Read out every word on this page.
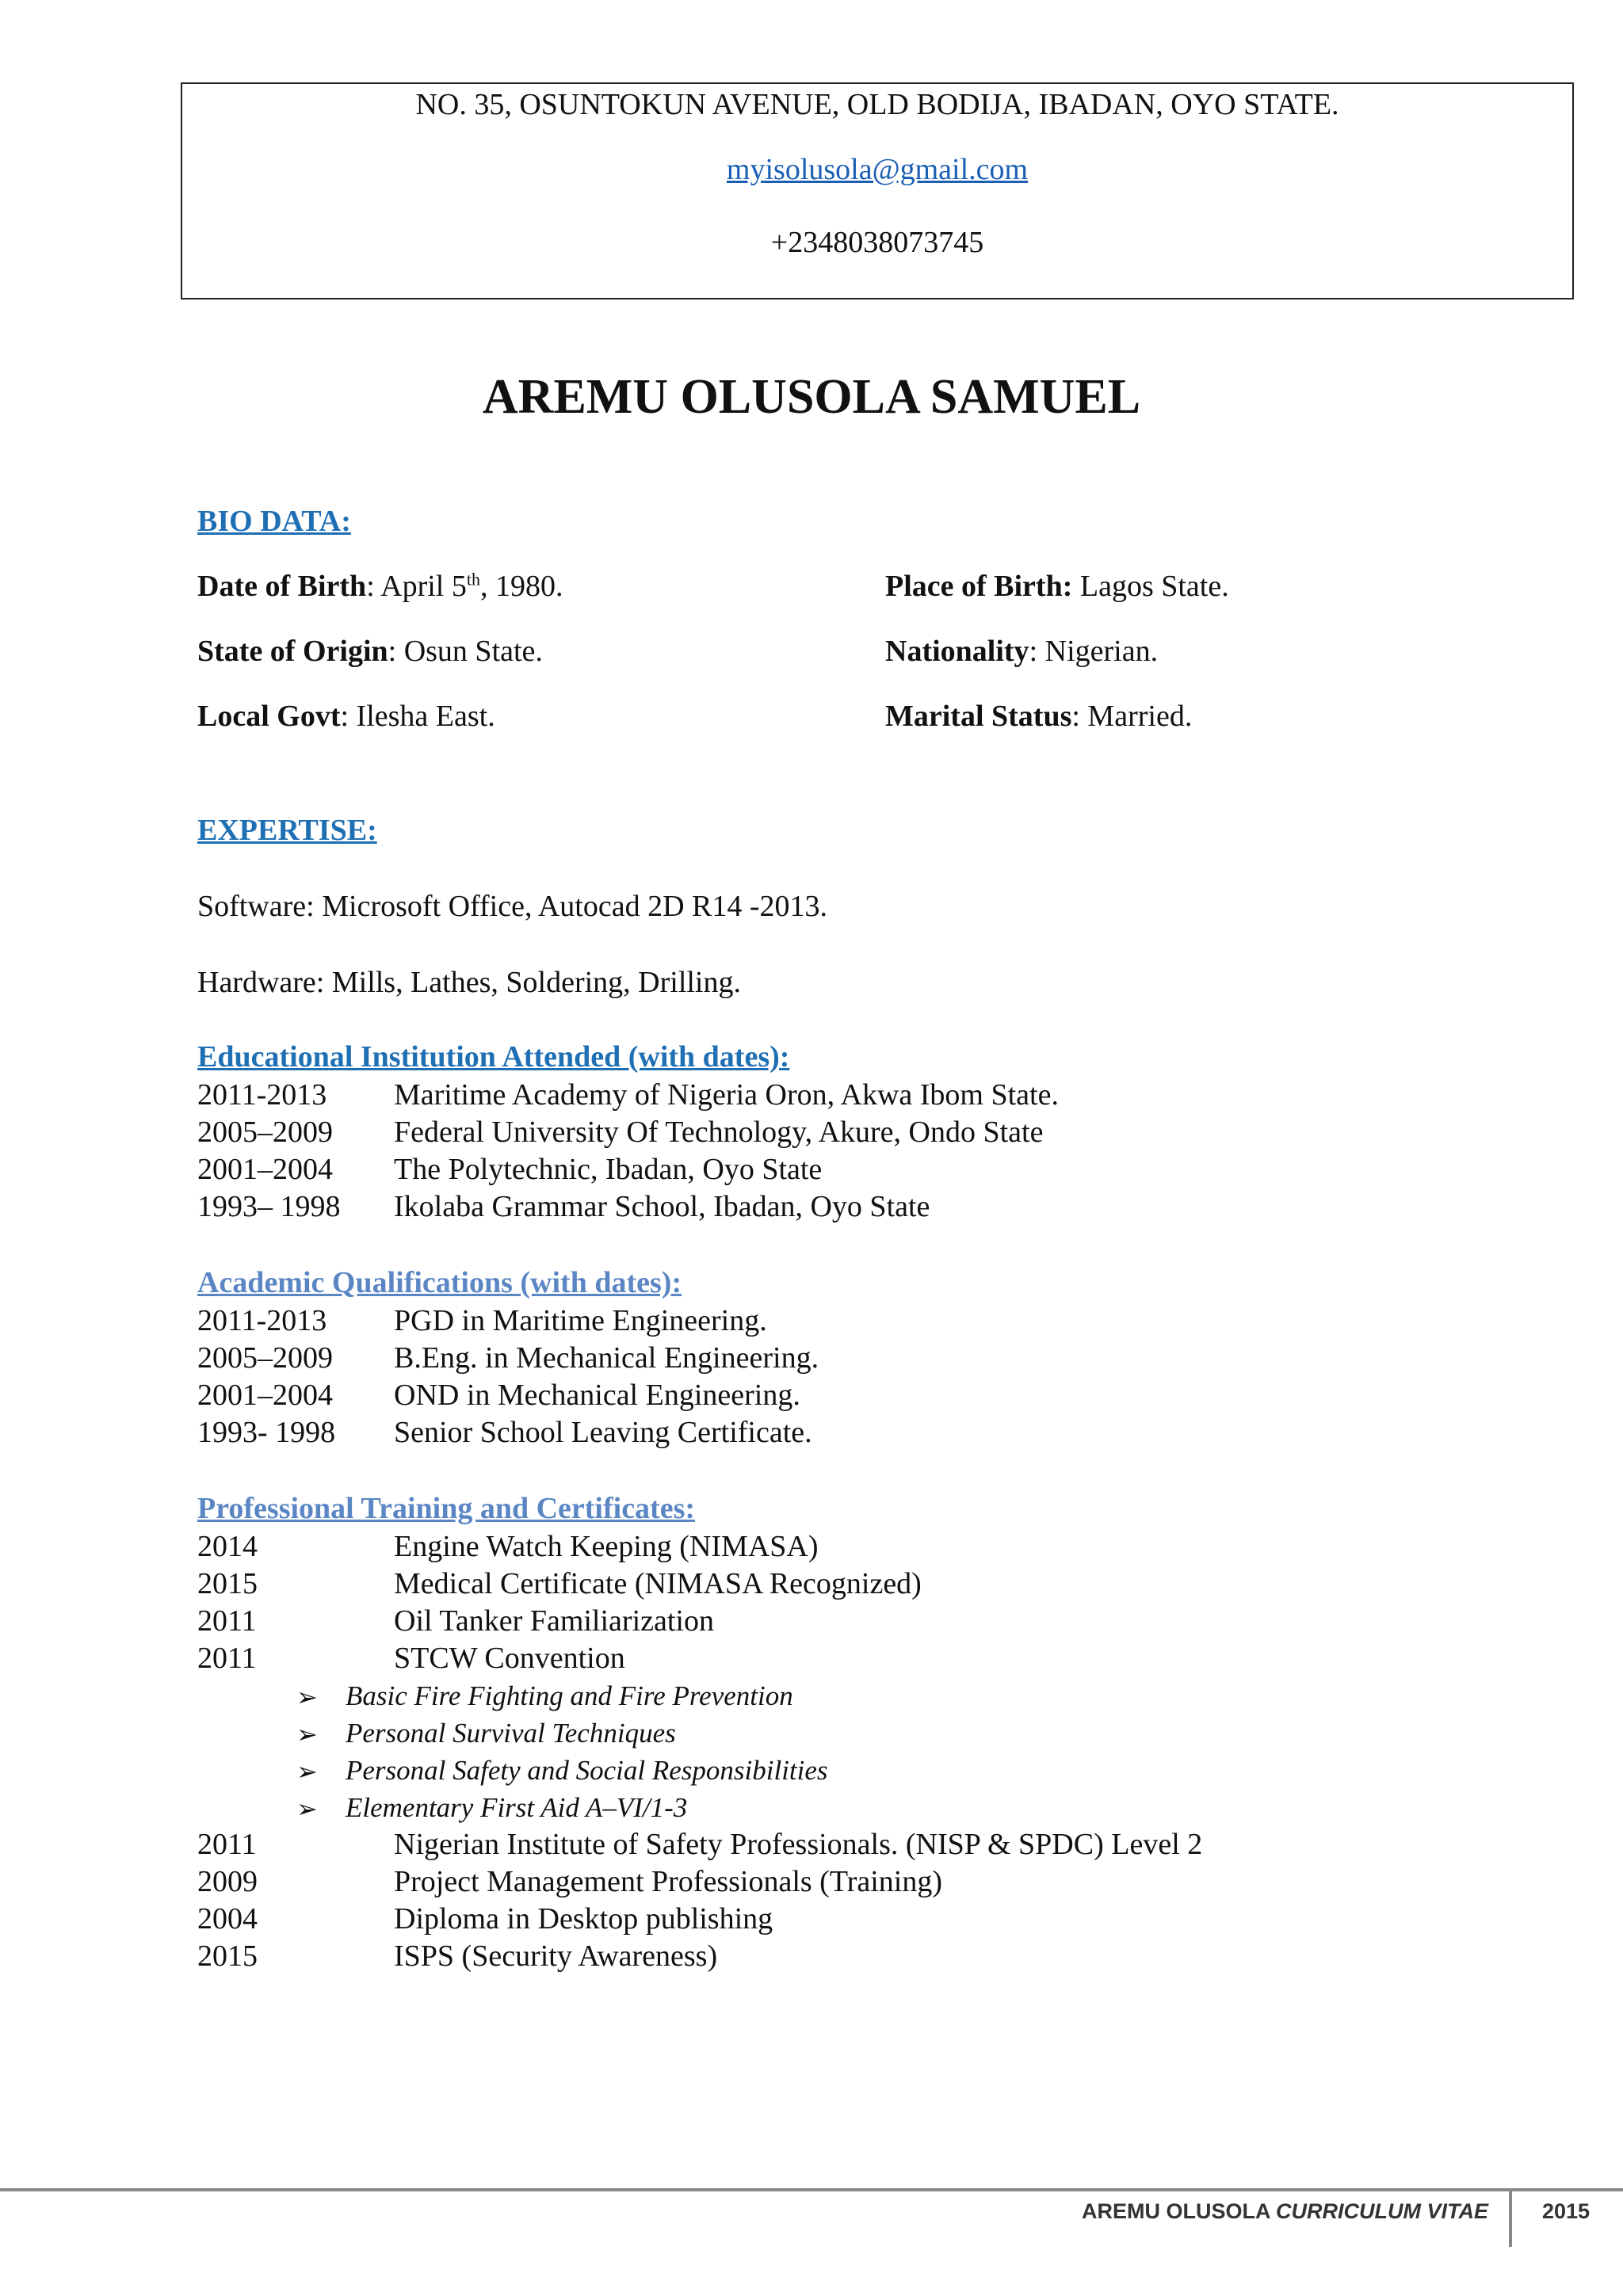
NO. 35, OSUNTOKUN AVENUE, OLD BODIJA, IBADAN, OYO STATE.
myisolusola@gmail.com
+2348038073745
AREMU OLUSOLA SAMUEL
BIO DATA:
Date of Birth: April 5th, 1980.	Place of Birth: Lagos State.
State of Origin: Osun State.	Nationality: Nigerian.
Local Govt: Ilesha East.	Marital Status: Married.
EXPERTISE:
Software: Microsoft Office, Autocad 2D R14 -2013.
Hardware: Mills, Lathes, Soldering, Drilling.
Educational Institution Attended (with dates):
2011-2013 Maritime Academy of Nigeria Oron, Akwa Ibom State.
2005–2009 Federal University Of Technology, Akure, Ondo State
2001–2004 The Polytechnic, Ibadan, Oyo State
1993– 1998 Ikolaba Grammar School, Ibadan, Oyo State
Academic Qualifications (with dates):
2011-2013 PGD in Maritime Engineering.
2005–2009 B.Eng. in Mechanical Engineering.
2001–2004 OND in Mechanical Engineering.
1993- 1998 Senior School Leaving Certificate.
Professional Training and Certificates:
2014	Engine Watch Keeping (NIMASA)
2015	Medical Certificate (NIMASA Recognized)
2011	Oil Tanker Familiarization
2011	STCW Convention
➢ Basic Fire Fighting and Fire Prevention
➢ Personal Survival Techniques
➢ Personal Safety and Social Responsibilities
➢ Elementary First Aid A–VI/1-3
2011	Nigerian Institute of Safety Professionals. (NISP & SPDC) Level 2
2009	Project Management Professionals (Training)
2004	Diploma in Desktop publishing
2015	ISPS (Security Awareness)
AREMU OLUSOLA CURRICULUM VITAE	2015
